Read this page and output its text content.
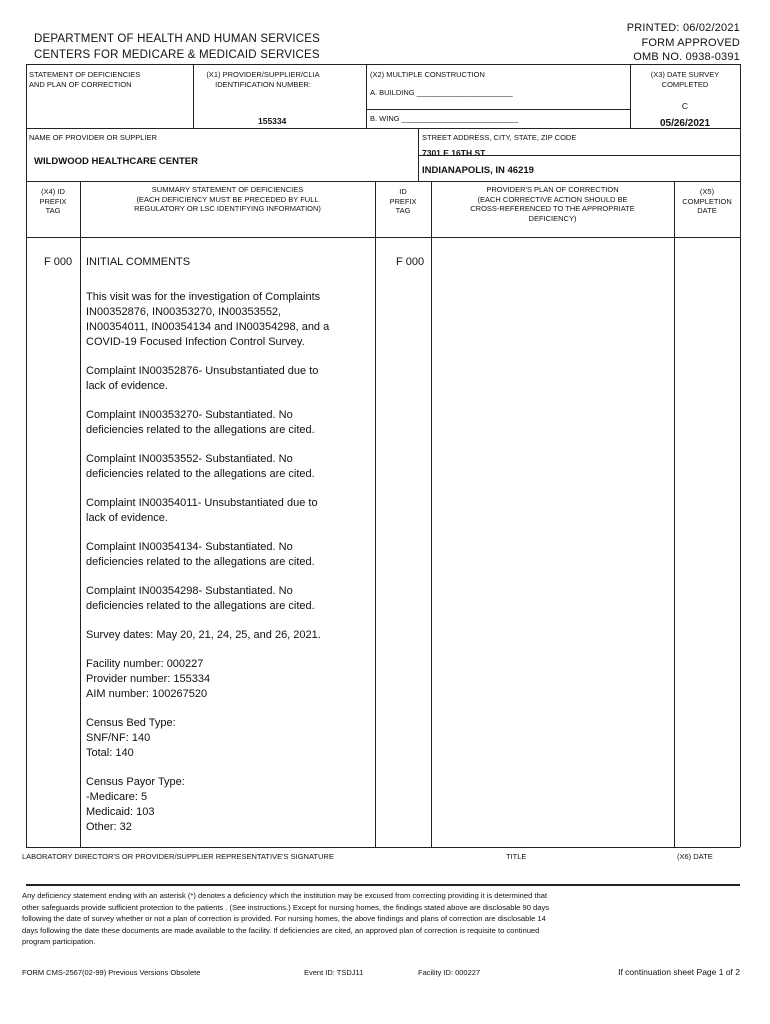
DEPARTMENT OF HEALTH AND HUMAN SERVICES
CENTERS FOR MEDICARE & MEDICAID SERVICES
PRINTED: 06/02/2021
FORM APPROVED
OMB NO. 0938-0391
STATEMENT OF DEFICIENCIES
AND PLAN OF CORRECTION
(X1) PROVIDER/SUPPLIER/CLIA
IDENTIFICATION NUMBER:
155334
(X2) MULTIPLE CONSTRUCTION
A. BUILDING _______________________
B. WING ____________________________
(X3) DATE SURVEY
COMPLETED
C
05/26/2021
NAME OF PROVIDER OR SUPPLIER
WILDWOOD HEALTHCARE CENTER
STREET ADDRESS, CITY, STATE, ZIP CODE
7301 E 16TH ST
INDIANAPOLIS, IN 46219
(X4) ID
PREFIX
TAG
SUMMARY STATEMENT OF DEFICIENCIES
(EACH DEFICIENCY MUST BE PRECEDED BY FULL
REGULATORY OR LSC IDENTIFYING INFORMATION)
ID
PREFIX
TAG
PROVIDER'S PLAN OF CORRECTION
(EACH CORRECTIVE ACTION SHOULD BE
CROSS-REFERENCED TO THE APPROPRIATE
DEFICIENCY)
(X5)
COMPLETION
DATE
F 000 INITIAL COMMENTS	F 000
This visit was for the investigation of Complaints
IN00352876, IN00353270, IN00353552,
IN00354011, IN00354134 and IN00354298, and a
COVID-19 Focused Infection Control Survey.
Complaint IN00352876- Unsubstantiated due to
lack of evidence.
Complaint IN00353270- Substantiated. No
deficiencies related to the allegations are cited.
Complaint IN00353552- Substantiated. No
deficiencies related to the allegations are cited.
Complaint IN00354011- Unsubstantiated due to
lack of evidence.
Complaint IN00354134- Substantiated. No
deficiencies related to the allegations are cited.
Complaint IN00354298- Substantiated. No
deficiencies related to the allegations are cited.
Survey dates: May 20, 21, 24, 25, and 26, 2021.
Facility number: 000227
Provider number: 155334
AIM number: 100267520
Census Bed Type:
SNF/NF: 140
Total: 140
Census Payor Type:
-Medicare: 5
Medicaid: 103
Other: 32
LABORATORY DIRECTOR'S OR PROVIDER/SUPPLIER REPRESENTATIVE'S SIGNATURE	TITLE	(X6) DATE
Any deficiency statement ending with an asterisk (*) denotes a deficiency which the institution may be excused from correcting providing it is determined that
other safeguards provide sufficient protection to the patients . (See instructions.) Except for nursing homes, the findings stated above are disclosable 90 days
following the date of survey whether or not a plan of correction is provided. For nursing homes, the above findings and plans of correction are disclosable 14
days following the date these documents are made available to the facility. If deficiencies are cited, an approved plan of correction is requisite to continued
program participation.
FORM CMS-2567(02-99) Previous Versions Obsolete	Event ID: TSDJ11	Facility ID: 000227	If continuation sheet Page 1 of 2
